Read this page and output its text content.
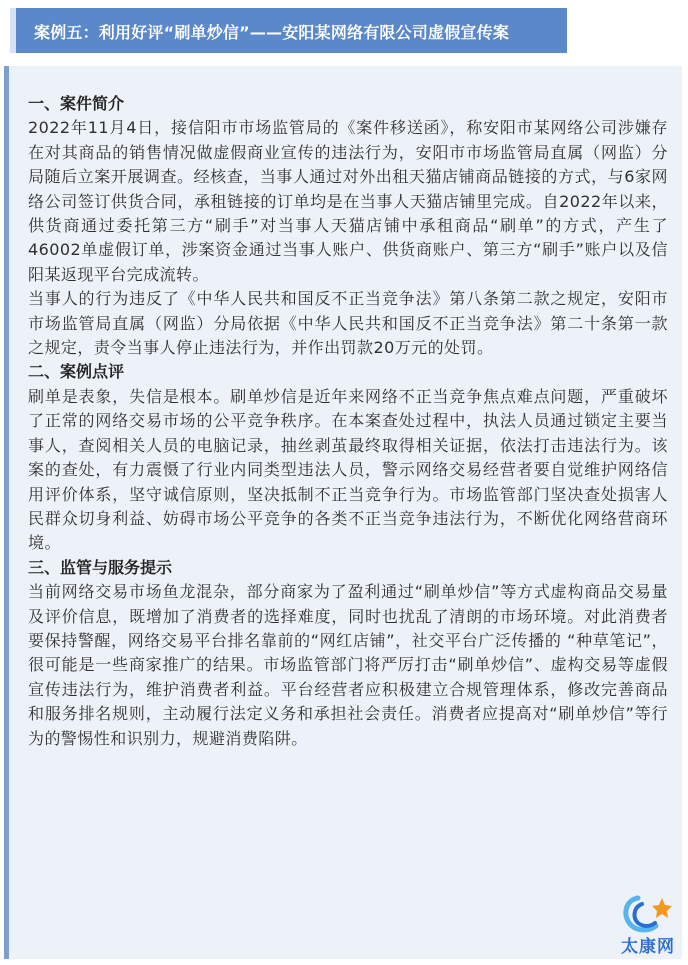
案例五：利用好评“刷单炒信”——安阳某网络有限公司虚假宣传案
一、案件简介

2022年11月4日，接信阳市市场监管局的《案件移送函》，称安阳市某网络公司涉嫌存在对其商品的销售情况做虚假商业宣传的违法行为，安阳市市场监管局直属（网监）分局随后立案开展调查。经核查，当事人通过对外出租天猫店铺商品链接的方式，与6家网络公司签订供货合同，承租链接的订单均是在当事人天猫店铺里完成。自2022年以来，供货商通过委托第三方“刷手”对当事人天猫店铺中承租商品“刷单”的方式，产生了46002单虚假订单，涉案资金通过当事人账户、供货商账户、第三方“刷手”账户以及信阳某返现平台完成流转。

当事人的行为违反了《中华人民共和国反不正当竞争法》第八条第二款之规定，安阳市市场监管局直属（网监）分局依据《中华人民共和国反不正当竞争法》第二十条第一款之规定，责令当事人停止违法行为，并作出罚款20万元的处罚。

二、案例点评

刷单是表象，失信是根本。刷单炒信是近年来网络不正当竞争焦点难点问题，严重破坏了正常的网络交易市场的公平竞争秩序。在本案查处过程中，执法人员通过锁定主要当事人，查阅相关人员的电脑记录，抽丝剥茧最终取得相关证据，依法打击违法行为。该案的查处，有力震慑了行业内同类型违法人员，警示网络交易经营者要自觉维护网络信用评价体系，坚守诚信原则，坚决抵制不正当竞争行为。市场监管部门坚决查处损害人民群众切身利益、妨碍市场公平竞争的各类不正当竞争违法行为，不断优化网络营商环境。

三、监管与服务提示

当前网络交易市场鱼龙混杂，部分商家为了盈利通过“刷单炒信”等方式虚构商品交易量及评价信息，既增加了消费者的选择难度，同时也扰乱了清朗的市场环境。对此消费者要保持警醒，网络交易平台排名靠前的“网红店铺”，社交平台广泛传播的 “种草笔记”，很可能是一些商家推广的结果。市场监管部门将严厉打击“刷单炒信”、虚构交易等虚假宣传违法行为，维护消费者利益。平台经营者应积极建立合规管理体系，修改完善商品和服务排名规则，主动履行法定义务和承担社会责任。消费者应提高对“刷单炒信”等行为的警惕性和识别力，规避消费陷阱。

太康网
